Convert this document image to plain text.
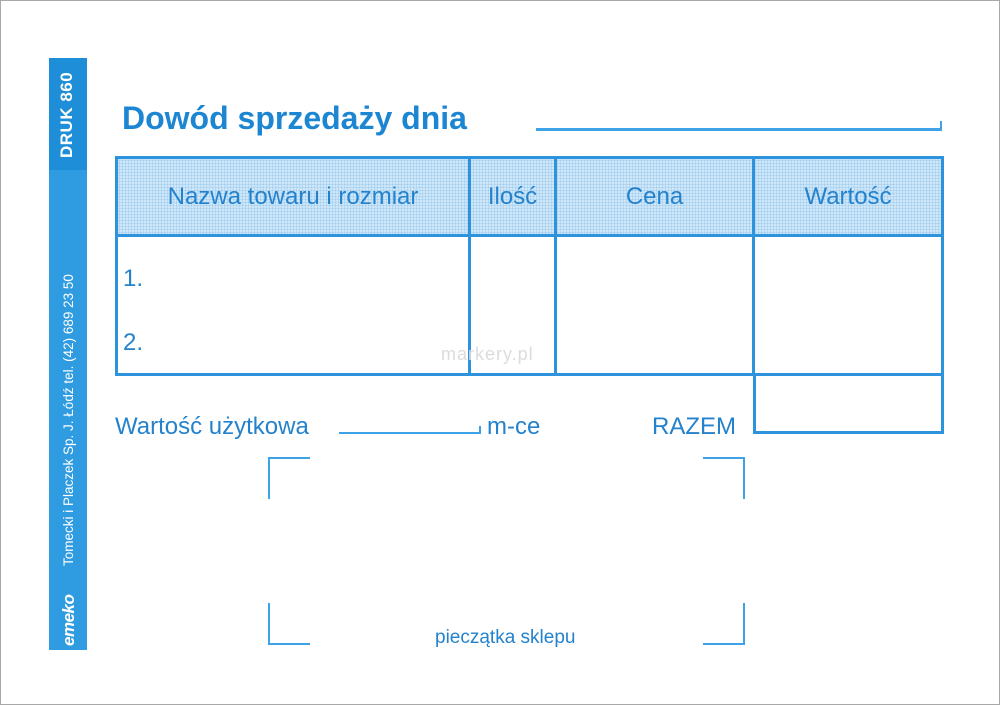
DRUK 860
Tomecki i Placzek Sp. J. Łódź tel. (42) 689 23 50
emeko
Dowód sprzedaży dnia
Nazwa towaru i rozmiar	Ilość	Cena	Wartość
1.
2.
Wartość użytkowa	m-ce	RAZEM
pieczątka sklepu
markery.pl
